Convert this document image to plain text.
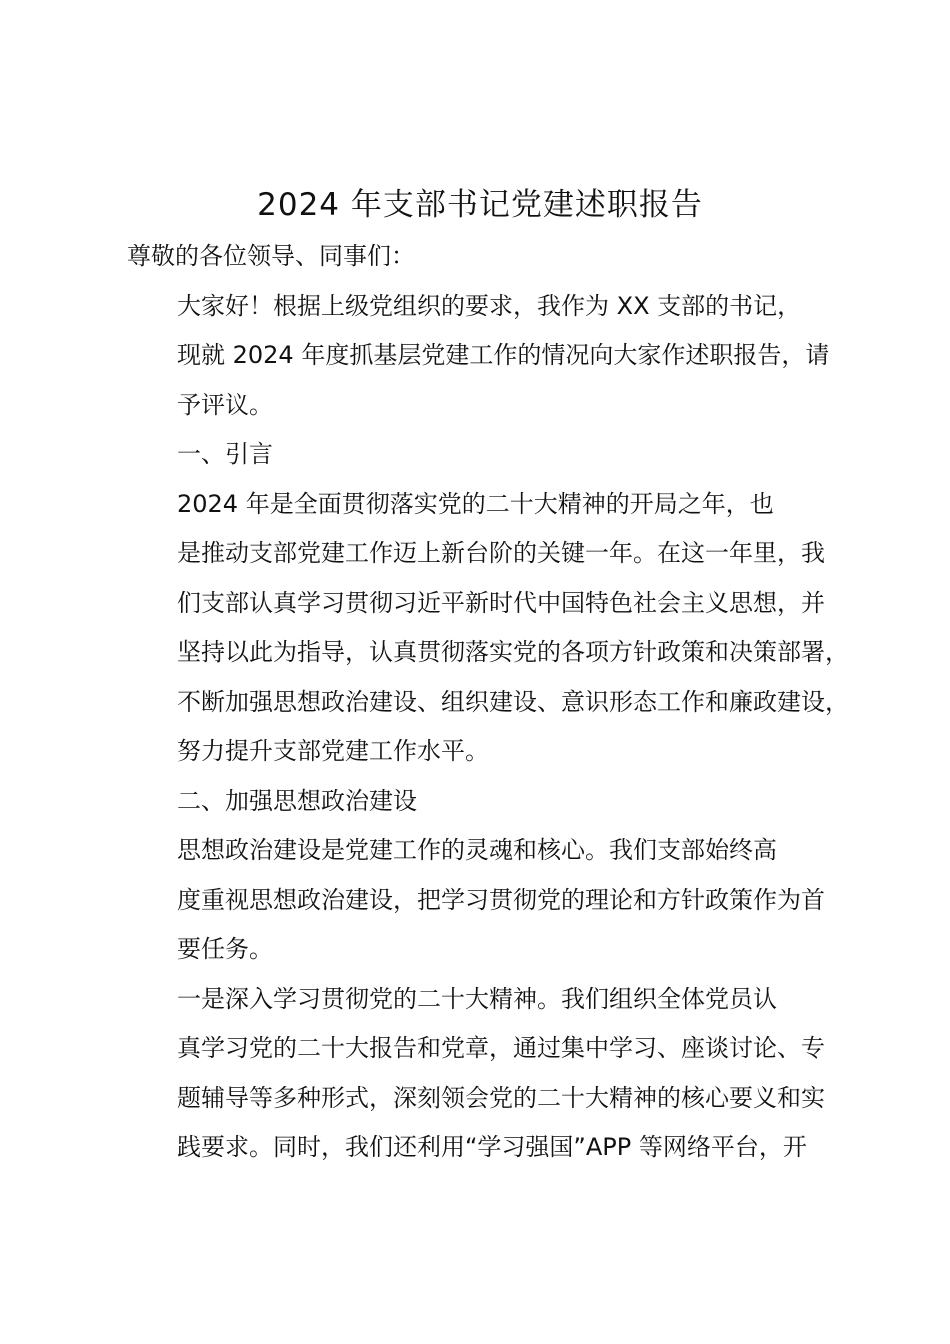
2024 年支部书记党建述职报告

尊敬的各位领导、同事们：

大家好！根据上级党组织的要求，我作为 XX 支部的书记，
现就 2024 年度抓基层党建工作的情况向大家作述职报告，请
予评议。

一、引言

2024 年是全面贯彻落实党的二十大精神的开局之年，也
是推动支部党建工作迈上新台阶的关键一年。在这一年里，我
们支部认真学习贯彻习近平新时代中国特色社会主义思想，并
坚持以此为指导，认真贯彻落实党的各项方针政策和决策部署，
不断加强思想政治建设、组织建设、意识形态工作和廉政建设，
努力提升支部党建工作水平。

二、加强思想政治建设

思想政治建设是党建工作的灵魂和核心。我们支部始终高
度重视思想政治建设，把学习贯彻党的理论和方针政策作为首
要任务。

一是深入学习贯彻党的二十大精神。我们组织全体党员认
真学习党的二十大报告和党章，通过集中学习、座谈讨论、专
题辅导等多种形式，深刻领会党的二十大精神的核心要义和实
践要求。同时，我们还利用“学习强国”APP 等网络平台，开
